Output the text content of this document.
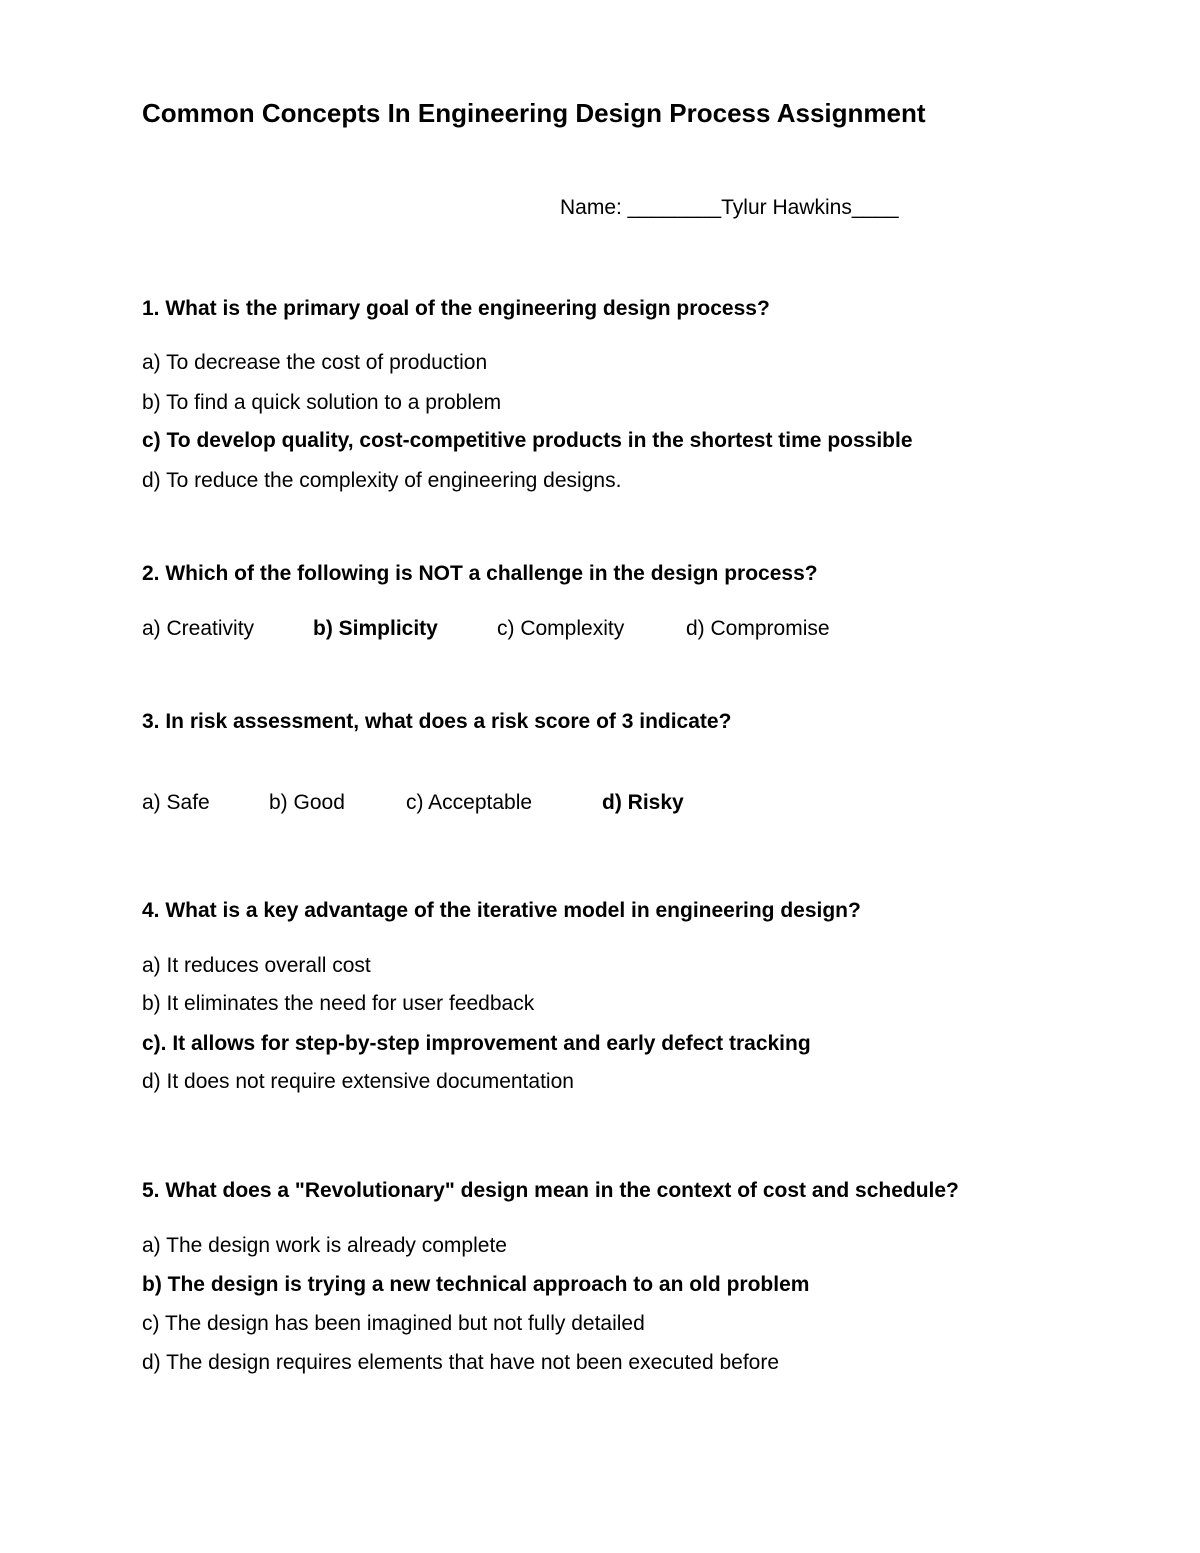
Common Concepts In Engineering Design Process Assignment
Name: ________Tylur Hawkins____
1. What is the primary goal of the engineering design process?
a) To decrease the cost of production
b) To find a quick solution to a problem
c) To develop quality, cost-competitive products in the shortest time possible
d) To reduce the complexity of engineering designs.
2. Which of the following is NOT a challenge in the design process?
a) Creativity	b) Simplicity	c) Complexity	d) Compromise
3. In risk assessment, what does a risk score of 3 indicate?
a) Safe	b) Good	c) Acceptable	d) Risky
4. What is a key advantage of the iterative model in engineering design?
a) It reduces overall cost
b) It eliminates the need for user feedback
c). It allows for step-by-step improvement and early defect tracking
d) It does not require extensive documentation
5. What does a "Revolutionary" design mean in the context of cost and schedule?
a) The design work is already complete
b) The design is trying a new technical approach to an old problem
c) The design has been imagined but not fully detailed
d) The design requires elements that have not been executed before
